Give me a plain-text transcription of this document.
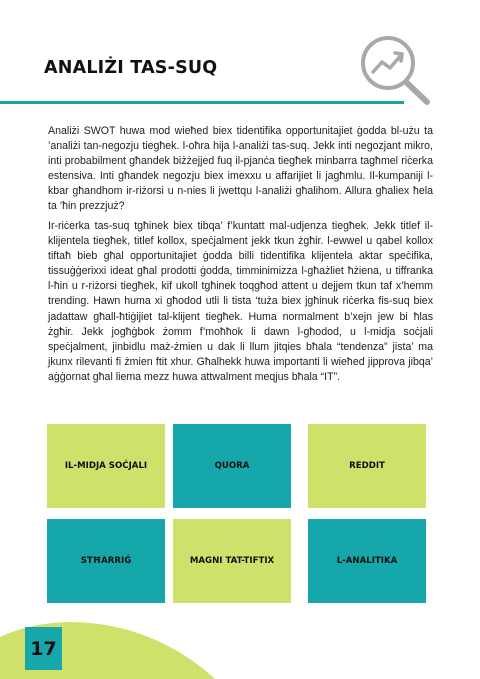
ANALIŻI TAS-SUQ
Analiżi SWOT huwa mod wieħed biex tidentifika opportunitajiet ġodda bl-użu ta ’analiżi tan-negozju tiegħek. l-oħra hija l-analiżi tas-suq. Jekk inti negozjant mikro, inti probabilment għandek biżżejjed fuq il-pjanċa tiegħek minbarra tagħmel riċerka estensiva. Inti għandek negozju biex imexxu u affarijiet li jagħmlu. Il-kumpaniji l-kbar għandhom ir-riżorsi u n-nies li jwettqu l-analiżi għalihom. Allura għaliex ħela ta ’ħin prezzjuż?
Ir-riċerka tas-suq tgħinek biex tibqa’ f’kuntatt mal-udjenza tiegħek. Jekk titlef il-klijentela tiegħek, titlef kollox, speċjalment jekk tkun żgħir. l-ewwel u qabel kollox tiftaħ bieb għal opportunitajiet ġodda billi tidentifika klijentela aktar speċifika, tissuġġerixxi ideat għal prodotti ġodda, timminimizza l-għażliet ħżiena, u tiffranka l-ħin u r-riżorsi tiegħek, kif ukoll tgħinek toqgħod attent u dejjem tkun taf x’hemm trending. Hawn huma xi għodod utli li tista ‘tuża biex jgħinuk riċerka fis-suq biex jadattaw għall-ħtiġijiet tal-klijent tiegħek. Huma normalment b’xejn jew bi ħlas żgħir. Jekk jogħġbok żomm f’moħħok li dawn l-għodod, u l-midja soċjali speċjalment, jinbidlu maż-żmien u dak li llum jitqies bħala “tendenza” jista’ ma jkunx rilevanti fi żmien ftit xhur. Għalhekk huwa importanti li wieħed jipprova jibqa’ aġġornat għal liema mezz huwa attwalment meqjus bħala “IT”.
IL-MIDJA SOĊJALI	QUORA	REDDIT
STĦARRIĠ	MAGNI TAT-TIFTIX	L-ANALITIKA
17
